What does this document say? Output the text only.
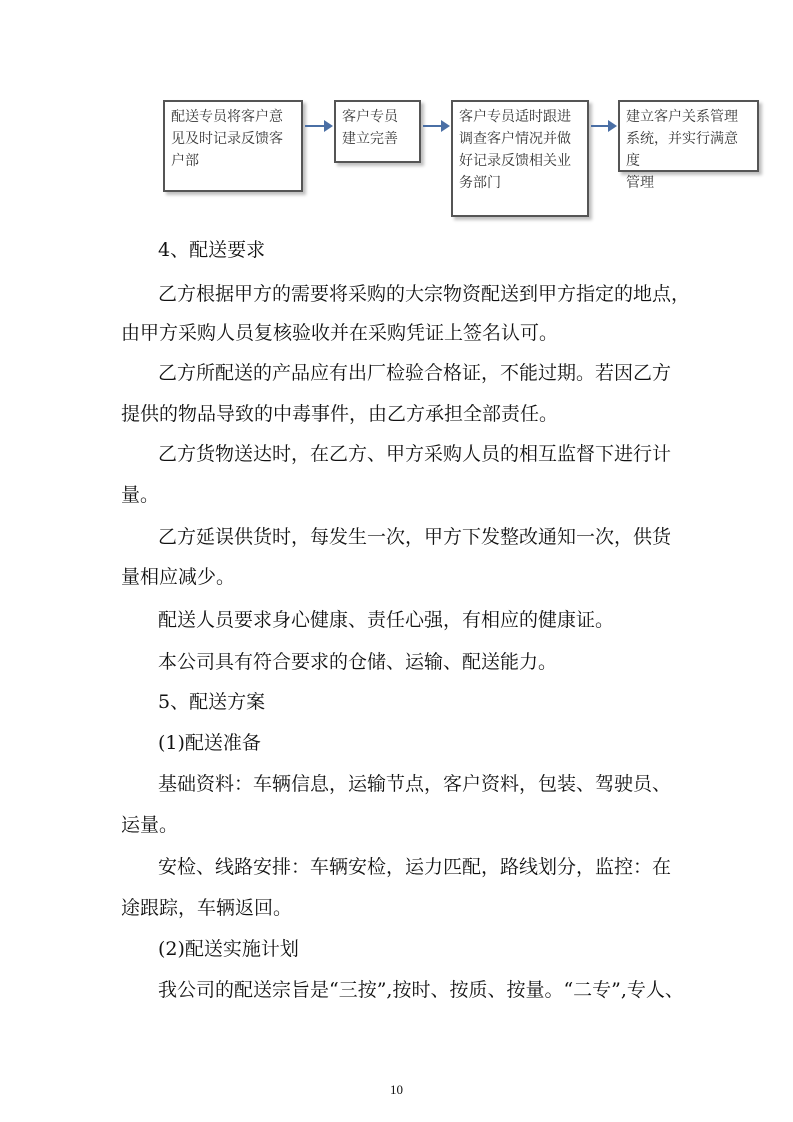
配送专员将客户意
见及时记录反馈客
户部
客户专员
建立完善
客户专员适时跟进
调查客户情况并做
好记录反馈相关业
务部门
建立客户关系管理
系统，并实行满意度
管理
4、配送要求
乙方根据甲方的需要将采购的大宗物资配送到甲方指定的地点，
由甲方采购人员复核验收并在采购凭证上签名认可。
乙方所配送的产品应有出厂检验合格证，不能过期。若因乙方
提供的物品导致的中毒事件，由乙方承担全部责任。
乙方货物送达时，在乙方、甲方采购人员的相互监督下进行计
量。
乙方延误供货时，每发生一次，甲方下发整改通知一次，供货
量相应减少。
配送人员要求身心健康、责任心强，有相应的健康证。
本公司具有符合要求的仓储、运输、配送能力。
5、配送方案
(1)配送准备
基础资料：车辆信息，运输节点，客户资料，包装、驾驶员、
运量。
安检、线路安排：车辆安检，运力匹配，路线划分，监控：在
途跟踪，车辆返回。
(2)配送实施计划
我公司的配送宗旨是“三按”,按时、按质、按量。“二专”,专人、
10
